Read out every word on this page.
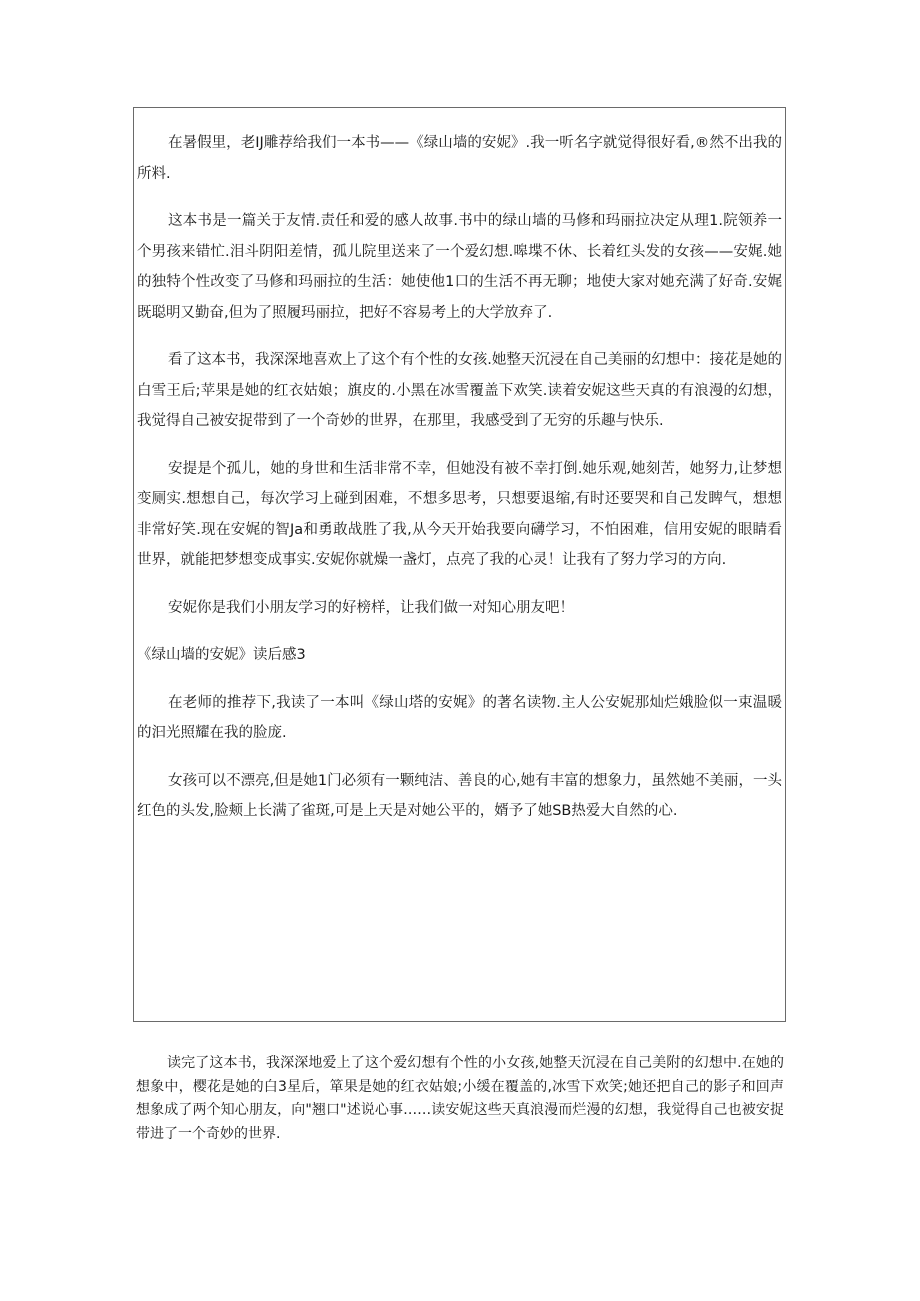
在暑假里，老IJ雕荐给我们一本书——《绿山墙的安妮》.我一听名字就觉得很好看,®然不出我的所料.

这本书是一篇关于友情.责任和爱的感人故事.书中的绿山墙的马修和玛丽拉决定从理1.院领养一个男孩来错忙.泪斗阴阳差情，孤儿院里送来了一个爱幻想.嗥堞不休、长着红头发的女孩——安娓.她的独特个性改变了马修和玛丽拉的生活：她使他1口的生活不再无聊；地使大家对她充满了好奇.安娓既聪明又勤奋,但为了照履玛丽拉，把好不容易考上的大学放弃了.

看了这本书，我深深地喜欢上了这个有个性的女孩.她整天沉浸在自己美丽的幻想中：接花是她的白雪王后;苹果是她的红衣姑娘；旗皮的.小黑在冰雪覆盖下欢笑.读着安妮这些天真的有浪漫的幻想，我觉得自己被安捉带到了一个奇妙的世界，在那里，我感受到了无穷的乐趣与快乐.

安提是个孤儿，她的身世和生活非常不幸，但她没有被不幸打倒.她乐观,她刻苦，她努力,让梦想变厕实.想想自己，每次学习上碰到困难，不想多思考，只想要退缩,有时还要哭和自己发睥气，想想非常好笑.现在安娓的智Ja和勇敢战胜了我,从今天开始我要向礴学习，不怕困难，信用安妮的眼睛看世界，就能把梦想变成事实.安妮你就燥一盏灯，点亮了我的心灵！让我有了努力学习的方向.

安妮你是我们小朋友学习的好榜样，让我们做一对知心朋友吧！

《绿山墙的安妮》读后感3

在老师的推荐下,我读了一本叫《绿山塔的安娓》的著名读物.主人公安妮那灿烂娥脸似一束温暖的汩光照耀在我的脸庞.

女孩可以不漂亮,但是她1门必须有一颗纯洁、善良的心,她有丰富的想象力，虽然她不美丽，一头红色的头发,脸颊上长满了雀斑,可是上天是对她公平的，婿予了她SB热爱大自然的心.

读完了这本书，我深深地爱上了这个爱幻想有个性的小女孩,她整天沉浸在自己美附的幻想中.在她的想象中，樱花是她的白3星后，箪果是她的红衣姑娘;小缓在覆盖的,冰雪下欢笑;她还把自己的影子和回声想象成了两个知心朋友，向"翘口"述说心事……读安妮这些天真浪漫而烂漫的幻想，我觉得自己也被安捉带进了一个奇妙的世界.
